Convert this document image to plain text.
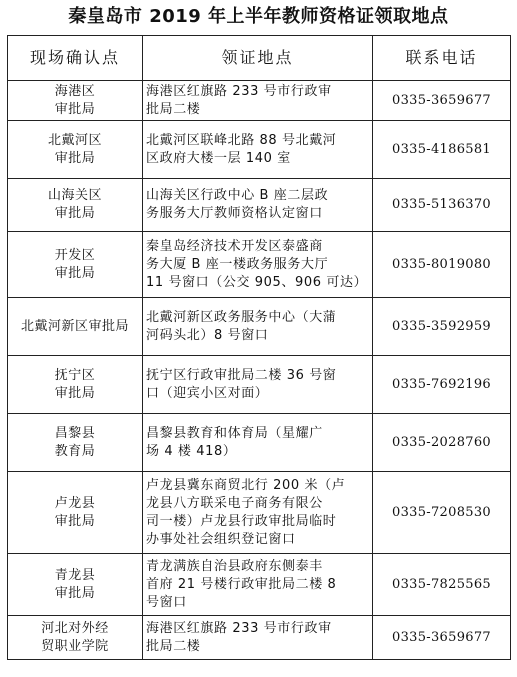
秦皇岛市 2019 年上半年教师资格证领取地点
现场确认点	领证地点	联系电话

海港区
审批局	海港区红旗路 233 号市行政审
批局二楼	0335-3659677

北戴河区
审批局	北戴河区联峰北路 88 号北戴河
区政府大楼一层 140 室	0335-4186581

山海关区
审批局	山海关区行政中心 B 座二层政
务服务大厅教师资格认定窗口	0335-5136370

开发区
审批局	秦皇岛经济技术开发区泰盛商
务大厦 B 座一楼政务服务大厅
11 号窗口（公交 905、906 可达）	0335-8019080

北戴河新区审批局	北戴河新区政务服务中心（大蒲
河码头北）8 号窗口	0335-3592959

抚宁区
审批局	抚宁区行政审批局二楼 36 号窗
口（迎宾小区对面）	0335-7692196

昌黎县
教育局	昌黎县教育和体育局（星耀广
场 4 楼 418）	0335-2028760

卢龙县
审批局	卢龙县冀东商贸北行 200 米（卢
龙县八方联采电子商务有限公
司一楼）卢龙县行政审批局临时
办事处社会组织登记窗口	0335-7208530

青龙县
审批局	青龙满族自治县政府东侧泰丰
首府 21 号楼行政审批局二楼 8
号窗口	0335-7825565

河北对外经
贸职业学院	海港区红旗路 233 号市行政审
批局二楼	0335-3659677
